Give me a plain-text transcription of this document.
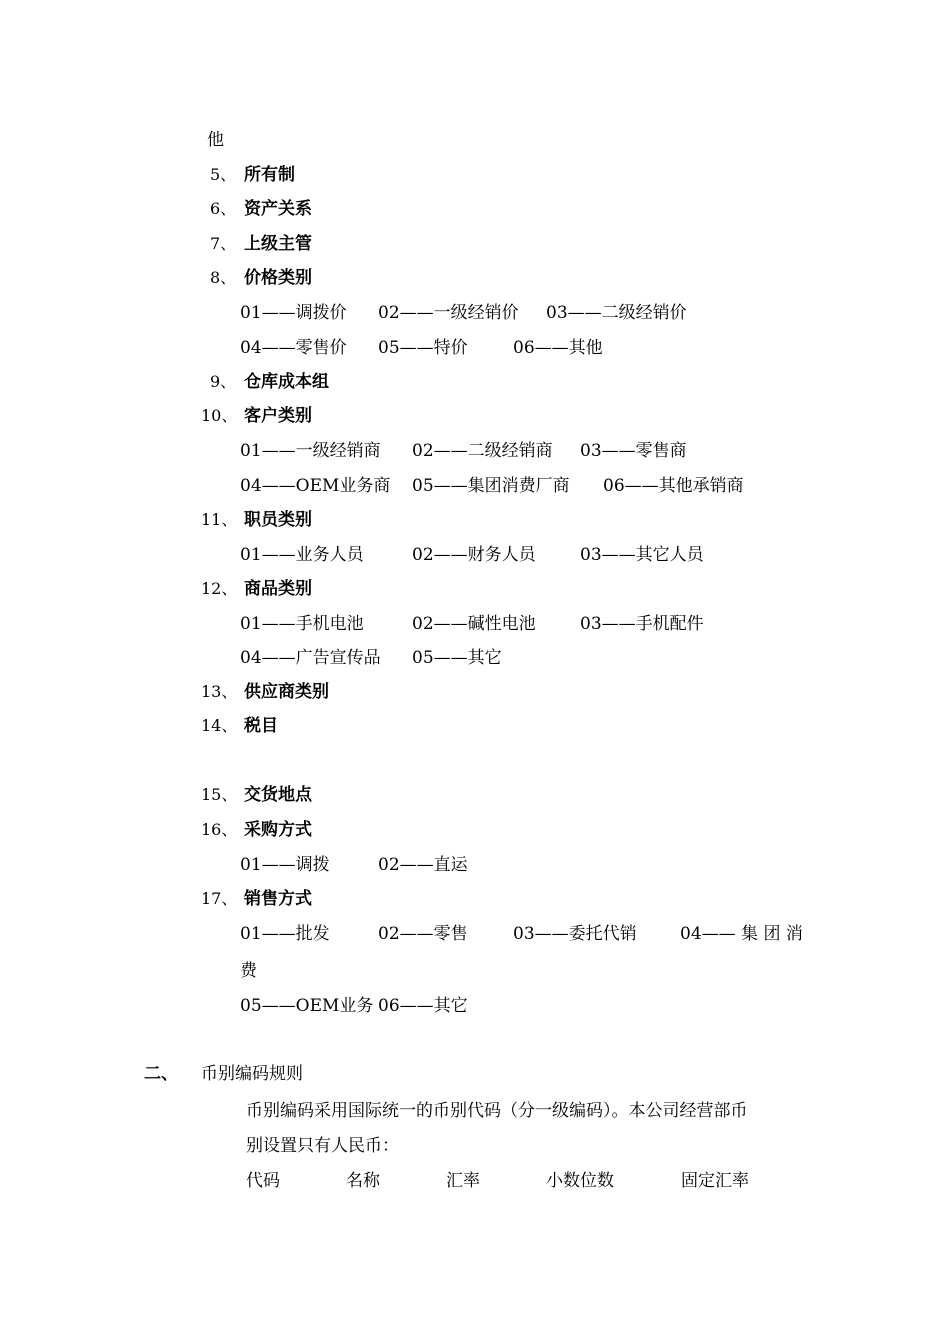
他
5、 所有制
6、 资产关系
7、 上级主管
8、 价格类别
01——调拨价 02——一级经销价 03——二级经销价
04——零售价 05——特价	06——其他
9、 仓库成本组
10、 客户类别
01——一级经销商 02——二级经销商 03——零售商
04——OEM业务商 05——集团消费厂商 06——其他承销商
11、 职员类别
01——业务人员	02——财务人员	03——其它人员
12、 商品类别
01——手机电池	02——碱性电池	03——手机配件
04——广告宣传品 05——其它
13、 供应商类别
14、 税目
15、 交货地点
16、 采购方式
01——调拨	02——直运
17、 销售方式
01——批发	02——零售	03——委托代销	04—— 集 团 消
费
05——OEM业务 06——其它
二、 币别编码规则
币别编码采用国际统一的币别代码（分一级编码）。本公司经营部币
别设置只有人民币：
代码	名称	汇率	小数位数	固定汇率
